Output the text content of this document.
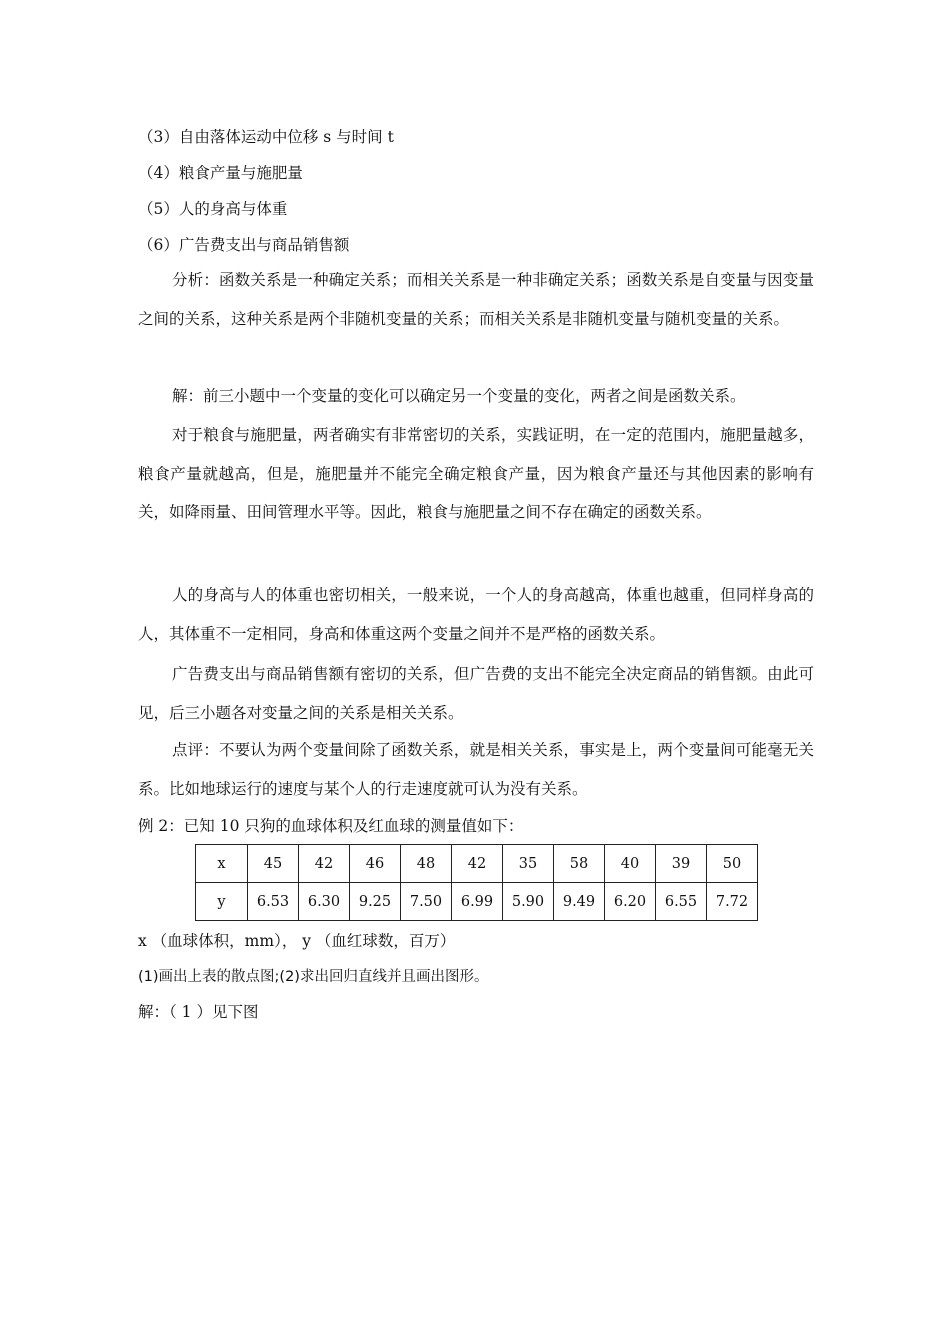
（3）自由落体运动中位移 s 与时间 t
（4）粮食产量与施肥量
（5）人的身高与体重
（6）广告费支出与商品销售额

分析：函数关系是一种确定关系；而相关关系是一种非确定关系；函数关系是自变量与因变量之间的关系，这种关系是两个非随机变量的关系；而相关关系是非随机变量与随机变量的关系。

解：前三小题中一个变量的变化可以确定另一个变量的变化，两者之间是函数关系。

对于粮食与施肥量，两者确实有非常密切的关系，实践证明，在一定的范围内，施肥量越多，粮食产量就越高，但是，施肥量并不能完全确定粮食产量，因为粮食产量还与其他因素的影响有关，如降雨量、田间管理水平等。因此，粮食与施肥量之间不存在确定的函数关系。

人的身高与人的体重也密切相关，一般来说，一个人的身高越高，体重也越重，但同样身高的人，其体重不一定相同，身高和体重这两个变量之间并不是严格的函数关系。

广告费支出与商品销售额有密切的关系，但广告费的支出不能完全决定商品的销售额。由此可见，后三小题各对变量之间的关系是相关关系。

点评：不要认为两个变量间除了函数关系，就是相关关系，事实是上，两个变量间可能毫无关系。比如地球运行的速度与某个人的行走速度就可认为没有关系。

例 2：已知 10 只狗的血球体积及红血球的测量值如下：
x	45	42	46	48	42	35	58	40	39	50
y	6.53	6.30	9.25	7.50	6.99	5.90	9.49	6.20	6.55	7.72
x （血球体积，mm）， y （血红球数，百万）
(1)画出上表的散点图;(2)求出回归直线并且画出图形。
解：（ 1 ）见下图
